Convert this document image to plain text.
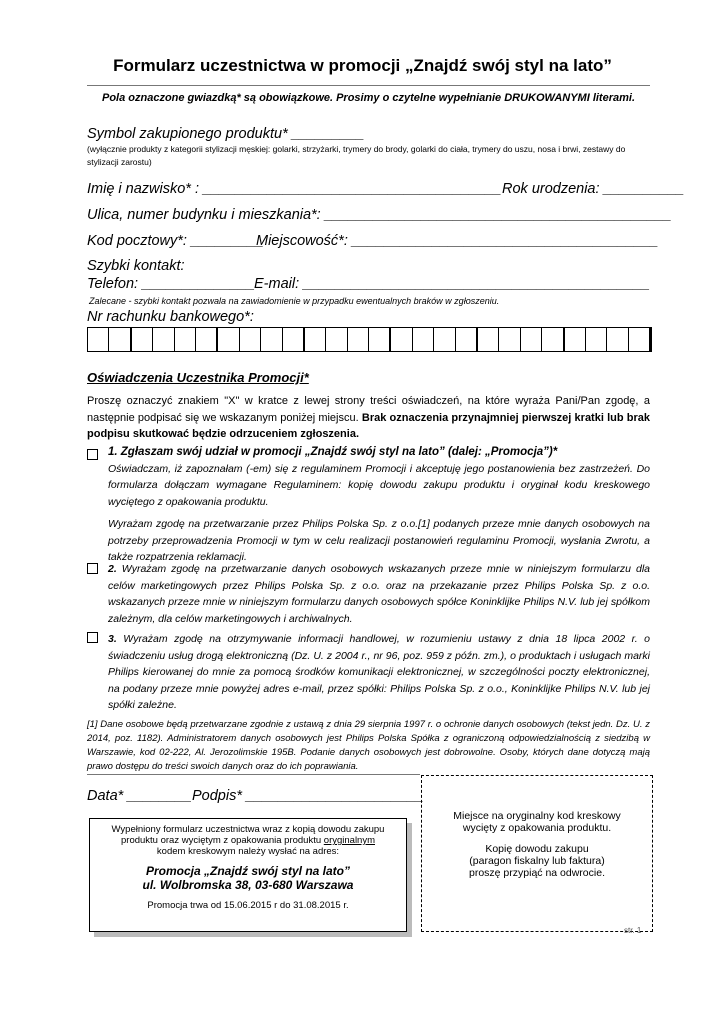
Formularz uczestnictwa w promocji „Znajdź swój styl na lato”
Pola oznaczone gwiazdką* są obowiązkowe. Prosimy o czytelne wypełnianie DRUKOWANYMI literami.
Symbol zakupionego produktu* _________
(wyłącznie produkty z kategorii stylizacji męskiej: golarki, strzyżarki, trymery do brody, golarki do ciała, trymery do uszu, nosa i brwi, zestawy do stylizacji zarostu)
Imię i nazwisko* : _____________________________________ Rok urodzenia: __________
Ulica, numer budynku i mieszkania*: ___________________________________________
Kod pocztowy*: _________
Miejscowość*: ______________________________________
Szybki kontakt:
Telefon: ______________ E-mail: ___________________________________________
Zalecane - szybki kontakt pozwala na zawiadomienie w przypadku ewentualnych braków w zgłoszeniu.
Nr rachunku bankowego*:
Oświadczenia Uczestnika Promocji*
Proszę oznaczyć znakiem "X" w kratce z lewej strony treści oświadczeń, na które wyraża Pani/Pan zgodę, a następnie podpisać się we wskazanym poniżej miejscu. Brak oznaczenia przynajmniej pierwszej kratki lub brak podpisu skutkować będzie odrzuceniem zgłoszenia.
1. Zgłaszam swój udział w promocji „Znajdź swój styl na lato” (dalej: „Promocja”)*
Oświadczam, iż zapoznałam (-em) się z regulaminem Promocji i akceptuję jego postanowienia bez zastrzeżeń. Do formularza dołączam wymagane Regulaminem: kopię dowodu zakupu produktu i oryginał kodu kreskowego wyciętego z opakowania produktu.
Wyrażam zgodę na przetwarzanie przez Philips Polska Sp. z o.o.[1] podanych przeze mnie danych osobowych na potrzeby przeprowadzenia Promocji w tym w celu realizacji postanowień regulaminu Promocji, wysłania Zwrotu, a także rozpatrzenia reklamacji.
2. Wyrażam zgodę na przetwarzanie danych osobowych wskazanych przeze mnie w niniejszym formularzu dla celów marketingowych przez Philips Polska Sp. z o.o. oraz na przekazanie przez Philips Polska Sp. z o.o. wskazanych przeze mnie w niniejszym formularzu danych osobowych spółce Koninklijke Philips N.V. lub jej spółkom zależnym, dla celów marketingowych i archiwalnych.
3. Wyrażam zgodę na otrzymywanie informacji handlowej, w rozumieniu ustawy z dnia 18 lipca 2002 r. o świadczeniu usług drogą elektroniczną (Dz. U. z 2004 r., nr 96, poz. 959 z późn. zm.), o produktach i usługach marki Philips kierowanej do mnie za pomocą środków komunikacji elektronicznej, w szczególności poczty elektronicznej, na podany przeze mnie powyżej adres e-mail, przez spółki: Philips Polska Sp. z o.o., Koninklijke Philips N.V. lub jej spółki zależne.
[1] Dane osobowe będą przetwarzane zgodnie z ustawą z dnia 29 sierpnia 1997 r. o ochronie danych osobowych (tekst jedn. Dz. U. z 2014, poz. 1182). Administratorem danych osobowych jest Philips Polska Spółka z ograniczoną odpowiedzialnością z siedzibą w Warszawie, kod 02-222, Al. Jerozolimskie 195B. Podanie danych osobowych jest dobrowolne. Osoby, których dane dotyczą mają prawo dostępu do treści swoich danych oraz do ich poprawiania.
Data* ________ Podpis* ______________________
Wypełniony formularz uczestnictwa wraz z kopią dowodu zakupu
produktu oraz wyciętym z opakowania produktu oryginalnym
kodem kreskowym należy wysłać na adres:
Promocja „Znajdź swój styl na lato”
ul. Wolbromska 38, 03-680 Warszawa
Promocja trwa od 15.06.2015 r do 31.08.2015 r.
Miejsce na oryginalny kod kreskowy
wycięty z opakowania produktu.
Kopię dowodu zakupu
(paragon fiskalny lub faktura)
proszę przypiąć na odwrocie.
str. 1
